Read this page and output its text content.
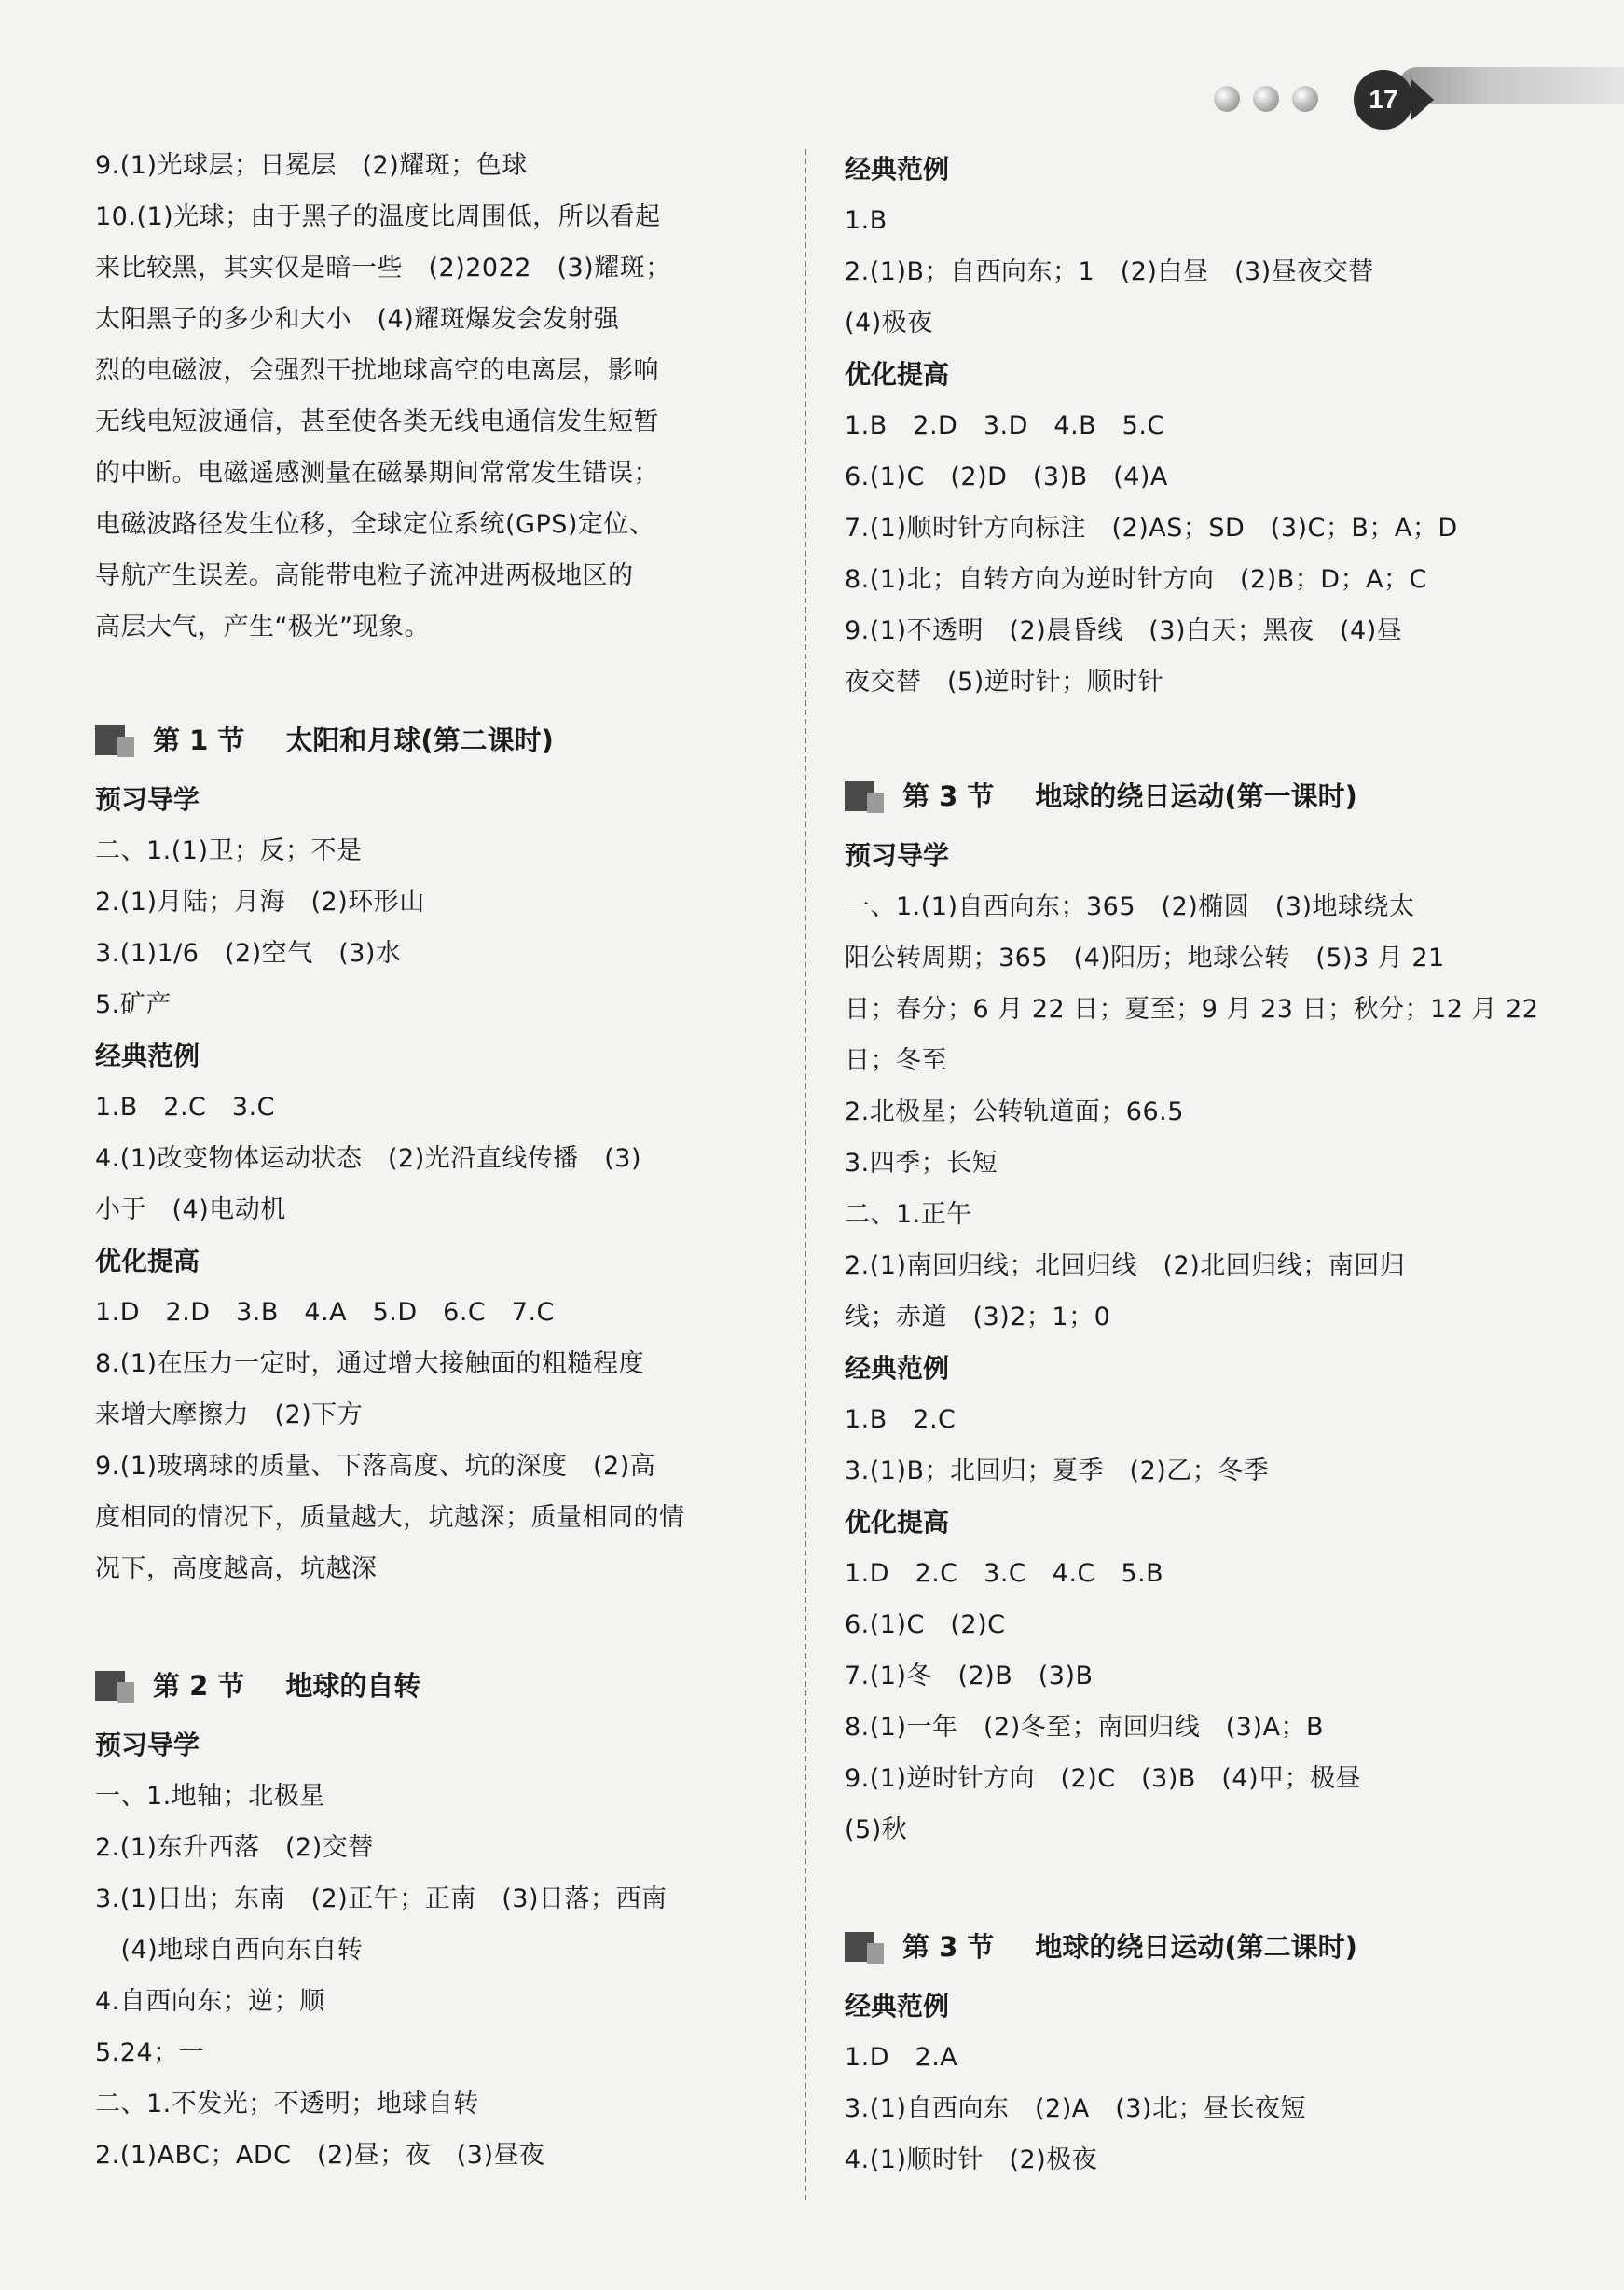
17
9.(1)光球层；日冕层　(2)耀斑；色球
10.(1)光球；由于黑子的温度比周围低，所以看起
来比较黑，其实仅是暗一些　(2)2022　(3)耀斑；
太阳黑子的多少和大小　(4)耀斑爆发会发射强
烈的电磁波，会强烈干扰地球高空的电离层，影响
无线电短波通信，甚至使各类无线电通信发生短暂
的中断。电磁遥感测量在磁暴期间常常发生错误；
电磁波路径发生位移，全球定位系统(GPS)定位、
导航产生误差。高能带电粒子流冲进两极地区的
高层大气，产生“极光”现象。
第 1 节 太阳和月球(第二课时)
预习导学
二、1.(1)卫；反；不是
2.(1)月陆；月海　(2)环形山
3.(1)1/6　(2)空气　(3)水
5.矿产
经典范例
1.B　2.C　3.C
4.(1)改变物体运动状态　(2)光沿直线传播　(3)
小于　(4)电动机
优化提高
1.D　2.D　3.B　4.A　5.D　6.C　7.C
8.(1)在压力一定时，通过增大接触面的粗糙程度
来增大摩擦力　(2)下方
9.(1)玻璃球的质量、下落高度、坑的深度　(2)高
度相同的情况下，质量越大，坑越深；质量相同的情
况下，高度越高，坑越深
第 2 节 地球的自转
预习导学
一、1.地轴；北极星
2.(1)东升西落　(2)交替
3.(1)日出；东南　(2)正午；正南　(3)日落；西南
　(4)地球自西向东自转
4.自西向东；逆；顺
5.24；一
二、1.不发光；不透明；地球自转
2.(1)ABC；ADC　(2)昼；夜　(3)昼夜
经典范例
1.B
2.(1)B；自西向东；1　(2)白昼　(3)昼夜交替
(4)极夜
优化提高
1.B　2.D　3.D　4.B　5.C
6.(1)C　(2)D　(3)B　(4)A
7.(1)顺时针方向标注　(2)AS；SD　(3)C；B；A；D
8.(1)北；自转方向为逆时针方向　(2)B；D；A；C
9.(1)不透明　(2)晨昏线　(3)白天；黑夜　(4)昼
夜交替　(5)逆时针；顺时针
第 3 节 地球的绕日运动(第一课时)
预习导学
一、1.(1)自西向东；365　(2)椭圆　(3)地球绕太
阳公转周期；365　(4)阳历；地球公转　(5)3 月 21
日；春分；6 月 22 日；夏至；9 月 23 日；秋分；12 月 22
日；冬至
2.北极星；公转轨道面；66.5
3.四季；长短
二、1.正午
2.(1)南回归线；北回归线　(2)北回归线；南回归
线；赤道　(3)2；1；0
经典范例
1.B　2.C
3.(1)B；北回归；夏季　(2)乙；冬季
优化提高
1.D　2.C　3.C　4.C　5.B
6.(1)C　(2)C
7.(1)冬　(2)B　(3)B
8.(1)一年　(2)冬至；南回归线　(3)A；B
9.(1)逆时针方向　(2)C　(3)B　(4)甲；极昼
(5)秋
第 3 节 地球的绕日运动(第二课时)
经典范例
1.D　2.A
3.(1)自西向东　(2)A　(3)北；昼长夜短
4.(1)顺时针　(2)极夜
